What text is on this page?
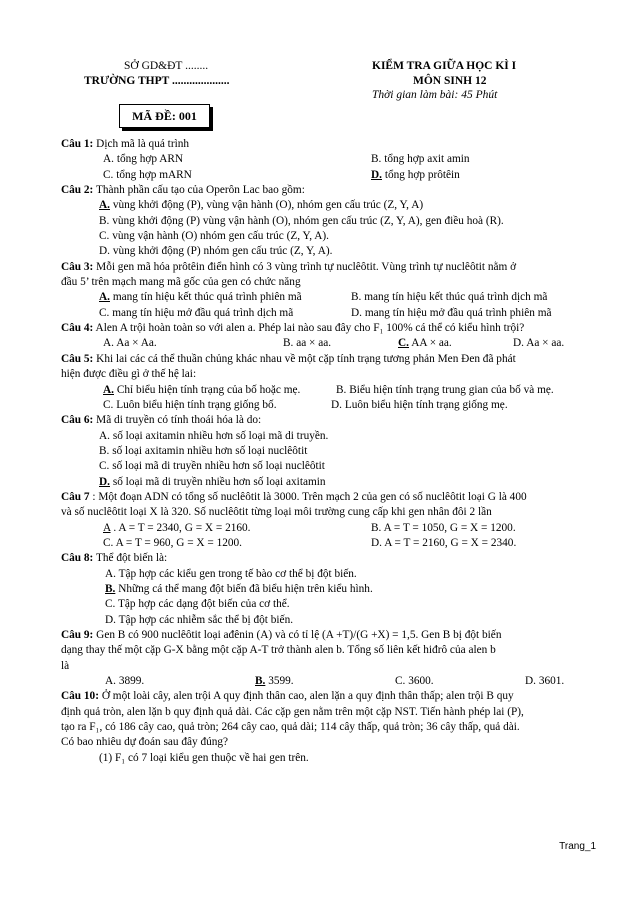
SỞ GD&ĐT ........
TRƯỜNG THPT ....................
KIỂM TRA GIỮA HỌC KÌ I
MÔN SINH 12
Thời gian làm bài: 45 Phút
MÃ ĐỀ: 001
Câu 1: Dịch mã là quá trình
A. tổng hợp ARN	B. tổng hợp axit amin
C. tổng hợp mARN	D. tổng hợp prôtêin
Câu 2: Thành phần cấu tạo của Operôn Lac bao gồm:
A. vùng khởi động (P), vùng vận hành (O), nhóm gen cấu trúc (Z, Y, A)
B. vùng khởi động (P) vùng vận hành (O), nhóm gen cấu trúc (Z, Y, A), gen điều hoà (R).
C. vùng vận hành (O) nhóm gen cấu trúc (Z, Y, A).
D. vùng khởi động (P) nhóm gen cấu trúc (Z, Y, A).
Câu 3: Mỗi gen mã hóa prôtêin điển hình có 3 vùng trình tự nuclêôtit. Vùng trình tự nuclêôtit nằm ở
đầu 5’ trên mạch mang mã gốc của gen có chức năng
A. mang tín hiệu kết thúc quá trình phiên mã	B. mang tín hiệu kết thúc quá trình dịch mã
C. mang tín hiệu mở đầu quá trình dịch mã	D. mang tín hiệu mở đầu quá trình phiên mã
Câu 4: Alen A trội hoàn toàn so với alen a. Phép lai nào sau đây cho F₁ 100% cá thể có kiểu hình trội?
A. Aa × Aa.	B. aa × aa.	C. AA × aa.	D. Aa × aa.
Câu 5: Khi lai các cá thể thuần chủng khác nhau về một cặp tính trạng tương phản Men Đen đã phát
hiện được điều gì ở thế hệ lai:
A. Chỉ biểu hiện tính trạng của bố hoặc mẹ.	B. Biểu hiện tính trạng trung gian của bố và mẹ.
C. Luôn biểu hiện tính trạng giống bố.	D. Luôn biểu hiện tính trạng giống mẹ.
Câu 6: Mã di truyền có tính thoái hóa là do:
A. số loại axitamin nhiều hơn số loại mã di truyền.
B. số loại axitamin nhiều hơn số loại nuclêôtit
C. số loại mã di truyền nhiều hơn số loại nuclêôtit
D. số loại mã di truyền nhiều hơn số loại axitamin
Câu 7 : Một đoạn ADN có tổng số nuclêôtit là 3000. Trên mạch 2 của gen có số nuclêôtit loại G là 400
và số nuclêôtit loại X là 320. Số nuclêôtit từng loại môi trường cung cấp khi gen nhân đôi 2 lần
A . A = T = 2340, G = X = 2160.	B. A = T = 1050, G = X = 1200.
C. A = T = 960, G = X = 1200.	D. A = T = 2160, G = X = 2340.
Câu 8: Thể đột biến là:
A. Tập hợp các kiểu gen trong tế bào cơ thể bị đột biến.
B. Những cá thể mang đột biến đã biểu hiện trên kiểu hình.
C. Tập hợp các dạng đột biến của cơ thể.
D. Tập hợp các nhiễm sắc thể bị đột biến.
Câu 9: Gen B có 900 nuclêôtit loại ađênin (A) và có tỉ lệ (A +T)/(G +X) = 1,5. Gen B bị đột biến
dạng thay thế một cặp G-X bằng một cặp A-T trở thành alen b. Tổng số liên kết hiđrô của alen b
là
A. 3899.	B. 3599.	C. 3600.	D. 3601.
Câu 10: Ở một loài cây, alen trội A quy định thân cao, alen lặn a quy định thân thấp; alen trội B quy
định quả tròn, alen lặn b quy định quả dài. Các cặp gen nằm trên một cặp NST. Tiến hành phép lai (P),
tạo ra F₁, có 186 cây cao, quả tròn; 264 cây cao, quả dài; 114 cây thấp, quả tròn; 36 cây thấp, quả dài.
Có bao nhiêu dự đoán sau đây đúng?
(1) F₁ có 7 loại kiểu gen thuộc về hai gen trên.
Trang_1
